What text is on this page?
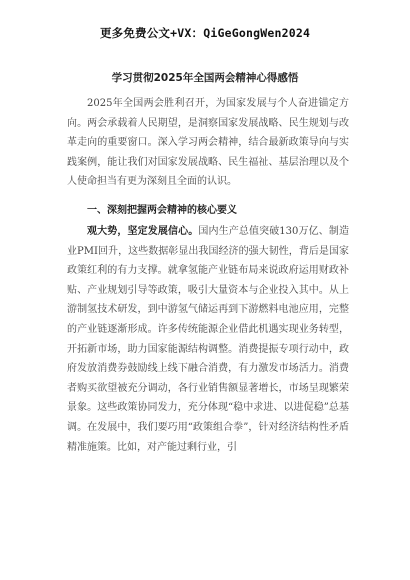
更多免费公文+VX：QiGeGongWen2024
学习贯彻2025年全国两会精神心得感悟

2025年全国两会胜利召开，为国家发展与个人奋进锚定方向。两会承载着人民期望，是洞察国家发展战略、民生规划与改革走向的重要窗口。深入学习两会精神，结合最新政策导向与实践案例，能让我们对国家发展战略、民生福祉、基层治理以及个人使命担当有更为深刻且全面的认识。

一、深刻把握两会精神的核心要义

观大势，坚定发展信心。国内生产总值突破130万亿、制造业PMI回升，这些数据彰显出我国经济的强大韧性，背后是国家政策红利的有力支撑。就拿氢能产业链布局来说政府运用财政补贴、产业规划引导等政策，吸引大量资本与企业投入其中。从上游制氢技术研发，到中游氢气储运再到下游燃料电池应用，完整的产业链逐渐形成。许多传统能源企业借此机遇实现业务转型，开拓新市场，助力国家能源结构调整。消费提振专项行动中，政府发放消费券鼓励线上线下融合消费，有力激发市场活力。消费者购买欲望被充分调动，各行业销售额显著增长，市场呈现繁荣景象。这些政策协同发力，充分体现“稳中求进、以进促稳”总基调。在发展中，我们要巧用“政策组合拳”，针对经济结构性矛盾精准施策。比如，对产能过剩行业，引
